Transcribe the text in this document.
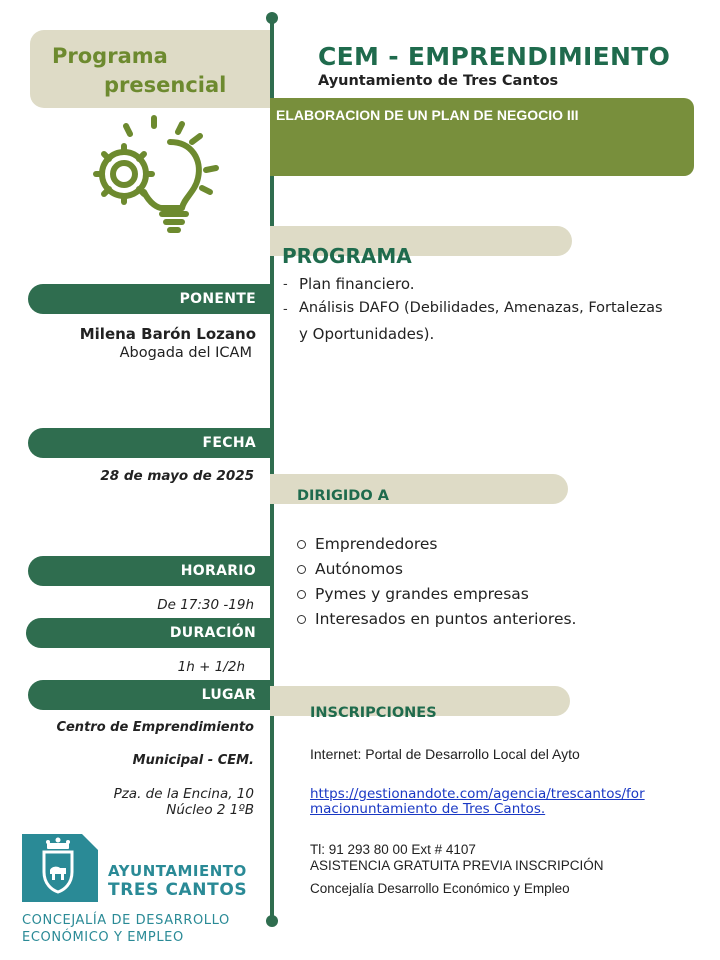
Programa
presencial
CEM - EMPRENDIMIENTO
Ayuntamiento de Tres Cantos
ELABORACION DE UN PLAN DE NEGOCIO III
PROGRAMA
- Plan financiero.
- Análisis DAFO (Debilidades, Amenazas, Fortalezas
y Oportunidades).
PONENTE
Milena Barón Lozano
Abogada del ICAM
FECHA
28 de mayo de 2025
DIRIGIDO A
Emprendedores
Autónomos
Pymes y grandes empresas
Interesados en puntos anteriores.
HORARIO
De 17:30 -19h
DURACIÓN
1h + 1/2h
LUGAR
Centro de Emprendimiento
Municipal - CEM.
Pza. de la Encina, 10
Núcleo 2 1ºB
INSCRIPCIONES
Internet: Portal de Desarrollo Local del Ayto
https://gestionandote.com/agencia/trescantos/for
macionuntamiento de Tres Cantos.
Tl: 91 293 80 00 Ext # 4107
ASISTENCIA GRATUITA PREVIA INSCRIPCIÓN
Concejalía Desarrollo Económico y Empleo
AYUNTAMIENTO
TRES CANTOS
CONCEJALÍA DE DESARROLLO
ECONÓMICO Y EMPLEO
